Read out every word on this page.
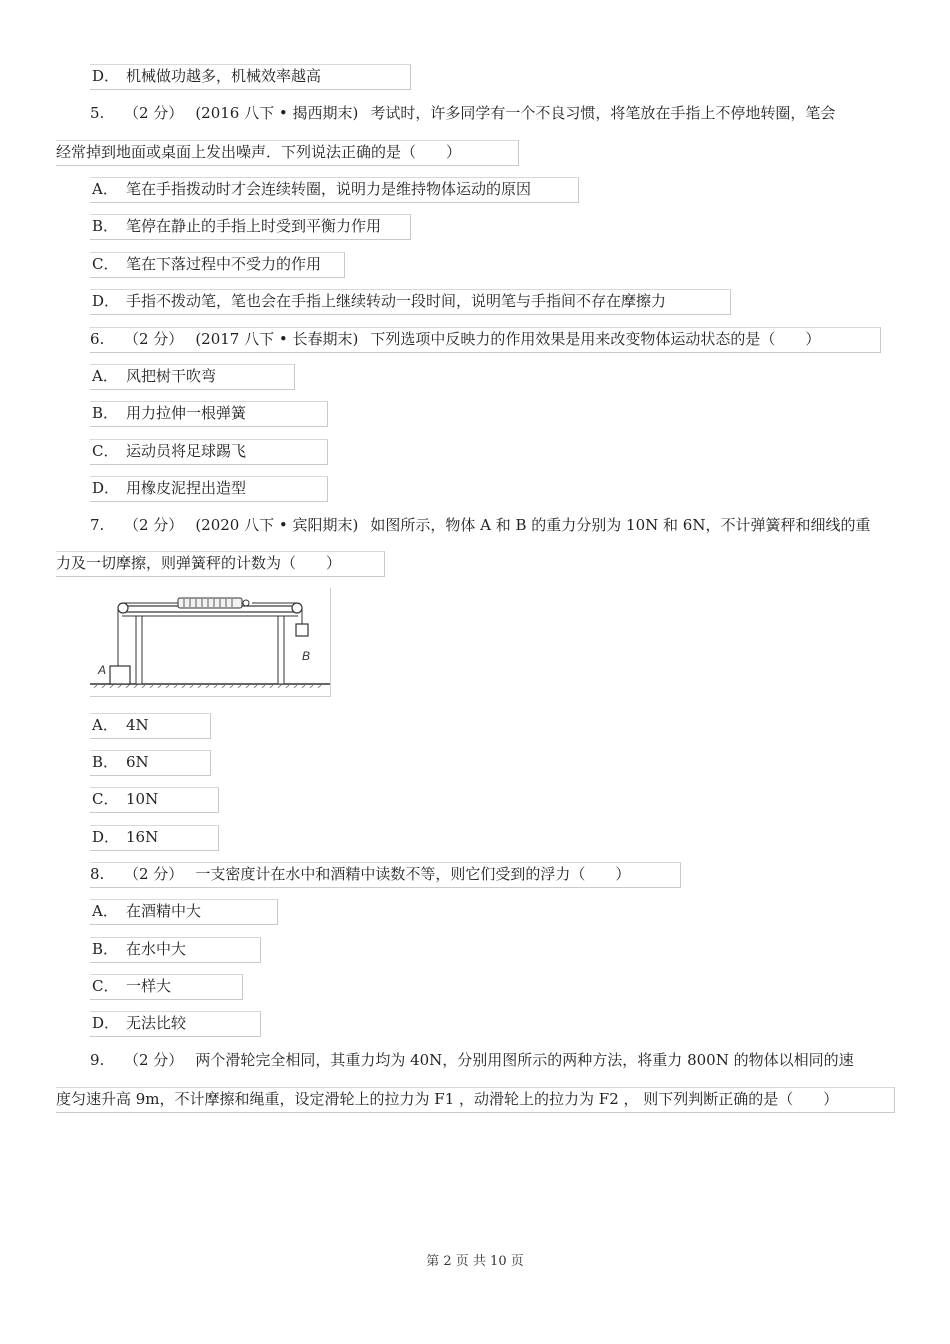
D． 机械做功越多，机械效率越高
5. （2 分） (2016 八下 • 揭西期末) 考试时，许多同学有一个不良习惯，将笔放在手指上不停地转圈，笔会
经常掉到地面或桌面上发出噪声．下列说法正确的是（　　）
A． 笔在手指拨动时才会连续转圈，说明力是维持物体运动的原因
B． 笔停在静止的手指上时受到平衡力作用
C． 笔在下落过程中不受力的作用
D． 手指不拨动笔，笔也会在手指上继续转动一段时间，说明笔与手指间不存在摩擦力
6. （2 分） (2017 八下 • 长春期末) 下列选项中反映力的作用效果是用来改变物体运动状态的是（　　）
A． 风把树干吹弯
B． 用力拉伸一根弹簧
C． 运动员将足球踢飞
D． 用橡皮泥捏出造型
7. （2 分） (2020 八下 • 宾阳期末) 如图所示，物体 A 和 B 的重力分别为 10N 和 6N，不计弹簧秤和细线的重
力及一切摩擦，则弹簧秤的计数为（　　）
A
B
A． 4N
B． 6N
C． 10N
D． 16N
8. （2 分） 一支密度计在水中和酒精中读数不等，则它们受到的浮力（　　）
A． 在酒精中大
B． 在水中大
C． 一样大
D． 无法比较
9. （2 分） 两个滑轮完全相同，其重力均为 40N，分别用图所示的两种方法，将重力 800N 的物体以相同的速
度匀速升高 9m，不计摩擦和绳重，设定滑轮上的拉力为 F1 ，动滑轮上的拉力为 F2 ， 则下列判断正确的是（　　）
第 2 页 共 10 页
